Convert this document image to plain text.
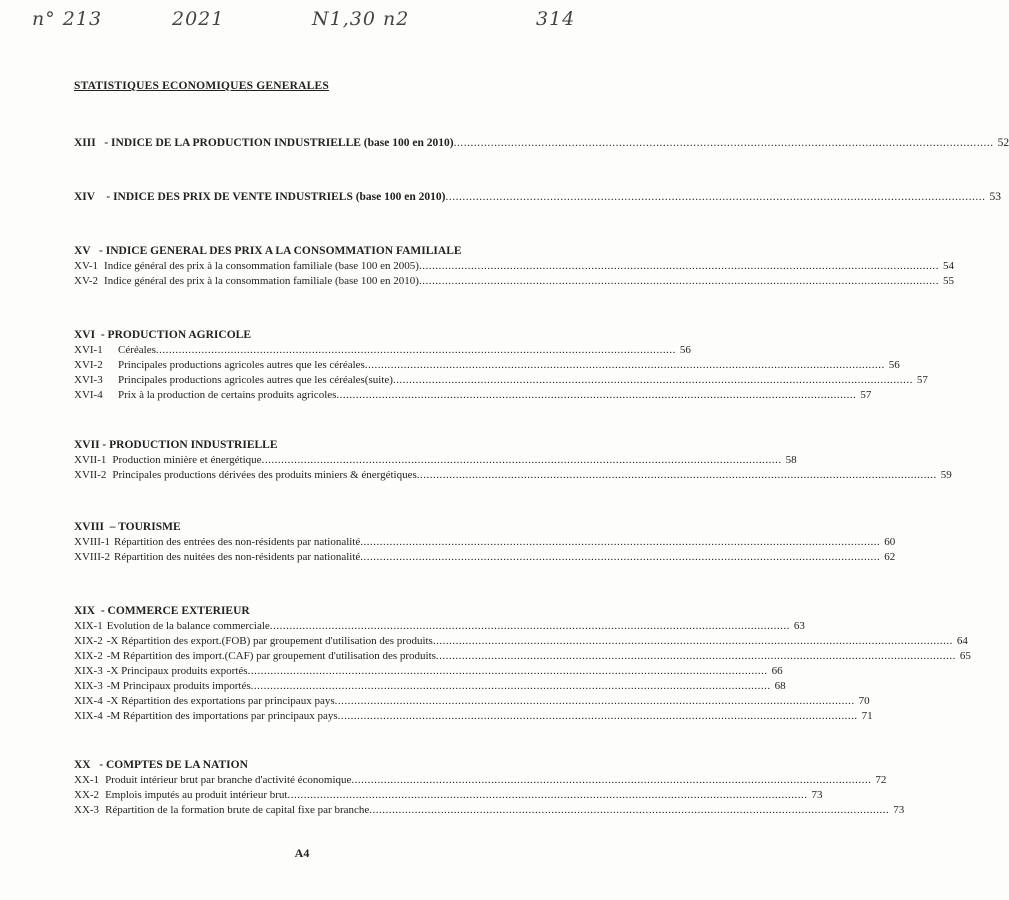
n° 213	2021	N1,30 n2	314
STATISTIQUES ECONOMIQUES GENERALES
XIII   - INDICE DE LA PRODUCTION INDUSTRIELLE (base 100 en 2010) .....	52
XIV    - INDICE DES PRIX DE VENTE INDUSTRIELS (base 100 en 2010) .....	53
XV   - INDICE GENERAL DES PRIX A LA CONSOMMATION FAMILIALE
XV-1 Indice général des prix à la consommation familiale (base 100 en 2005) .....	54
XV-2 Indice général des prix à la consommation familiale (base 100 en 2010) .....	55
XVI  - PRODUCTION AGRICOLE
XVI-1	Céréales .....	56
XVI-2	Principales productions agricoles autres que les céréales .....	56
XVI-3	Principales productions agricoles autres que les céréales(suite) .....	57
XVI-4	Prix à la production de certains produits agricoles .....	57
XVII - PRODUCTION INDUSTRIELLE
XVII-1 Production minière et énergétique .....	58
XVII-2 Principales productions dérivées des produits miniers & énergétiques .....	59
XVIII  – TOURISME
XVIII-1 Répartition des entrées des non-résidents par nationalité .....	60
XVIII-2 Répartition des nuitées des non-résidents par nationalité .....	62
XIX  - COMMERCE EXTERIEUR
XIX-1 Evolution de la balance commerciale .....	63
XIX-2 -X Répartition des export.(FOB) par groupement d'utilisation des produits .....	64
XIX-2 -M Répartition des import.(CAF) par groupement d'utilisation des produits .....	65
XIX-3 -X Principaux produits exportés .....	66
XIX-3 -M Principaux produits importés .....	68
XIX-4 -X Répartition des exportations par principaux pays .....	70
XIX-4 -M Répartition des importations par principaux pays .....	71
XX   - COMPTES DE LA NATION
XX-1 Produit intérieur brut par branche d'activité économique .....	72
XX-2 Emplois imputés au produit intérieur brut .....	73
XX-3 Répartition de la formation brute de capital fixe par branche .....	73
A4
